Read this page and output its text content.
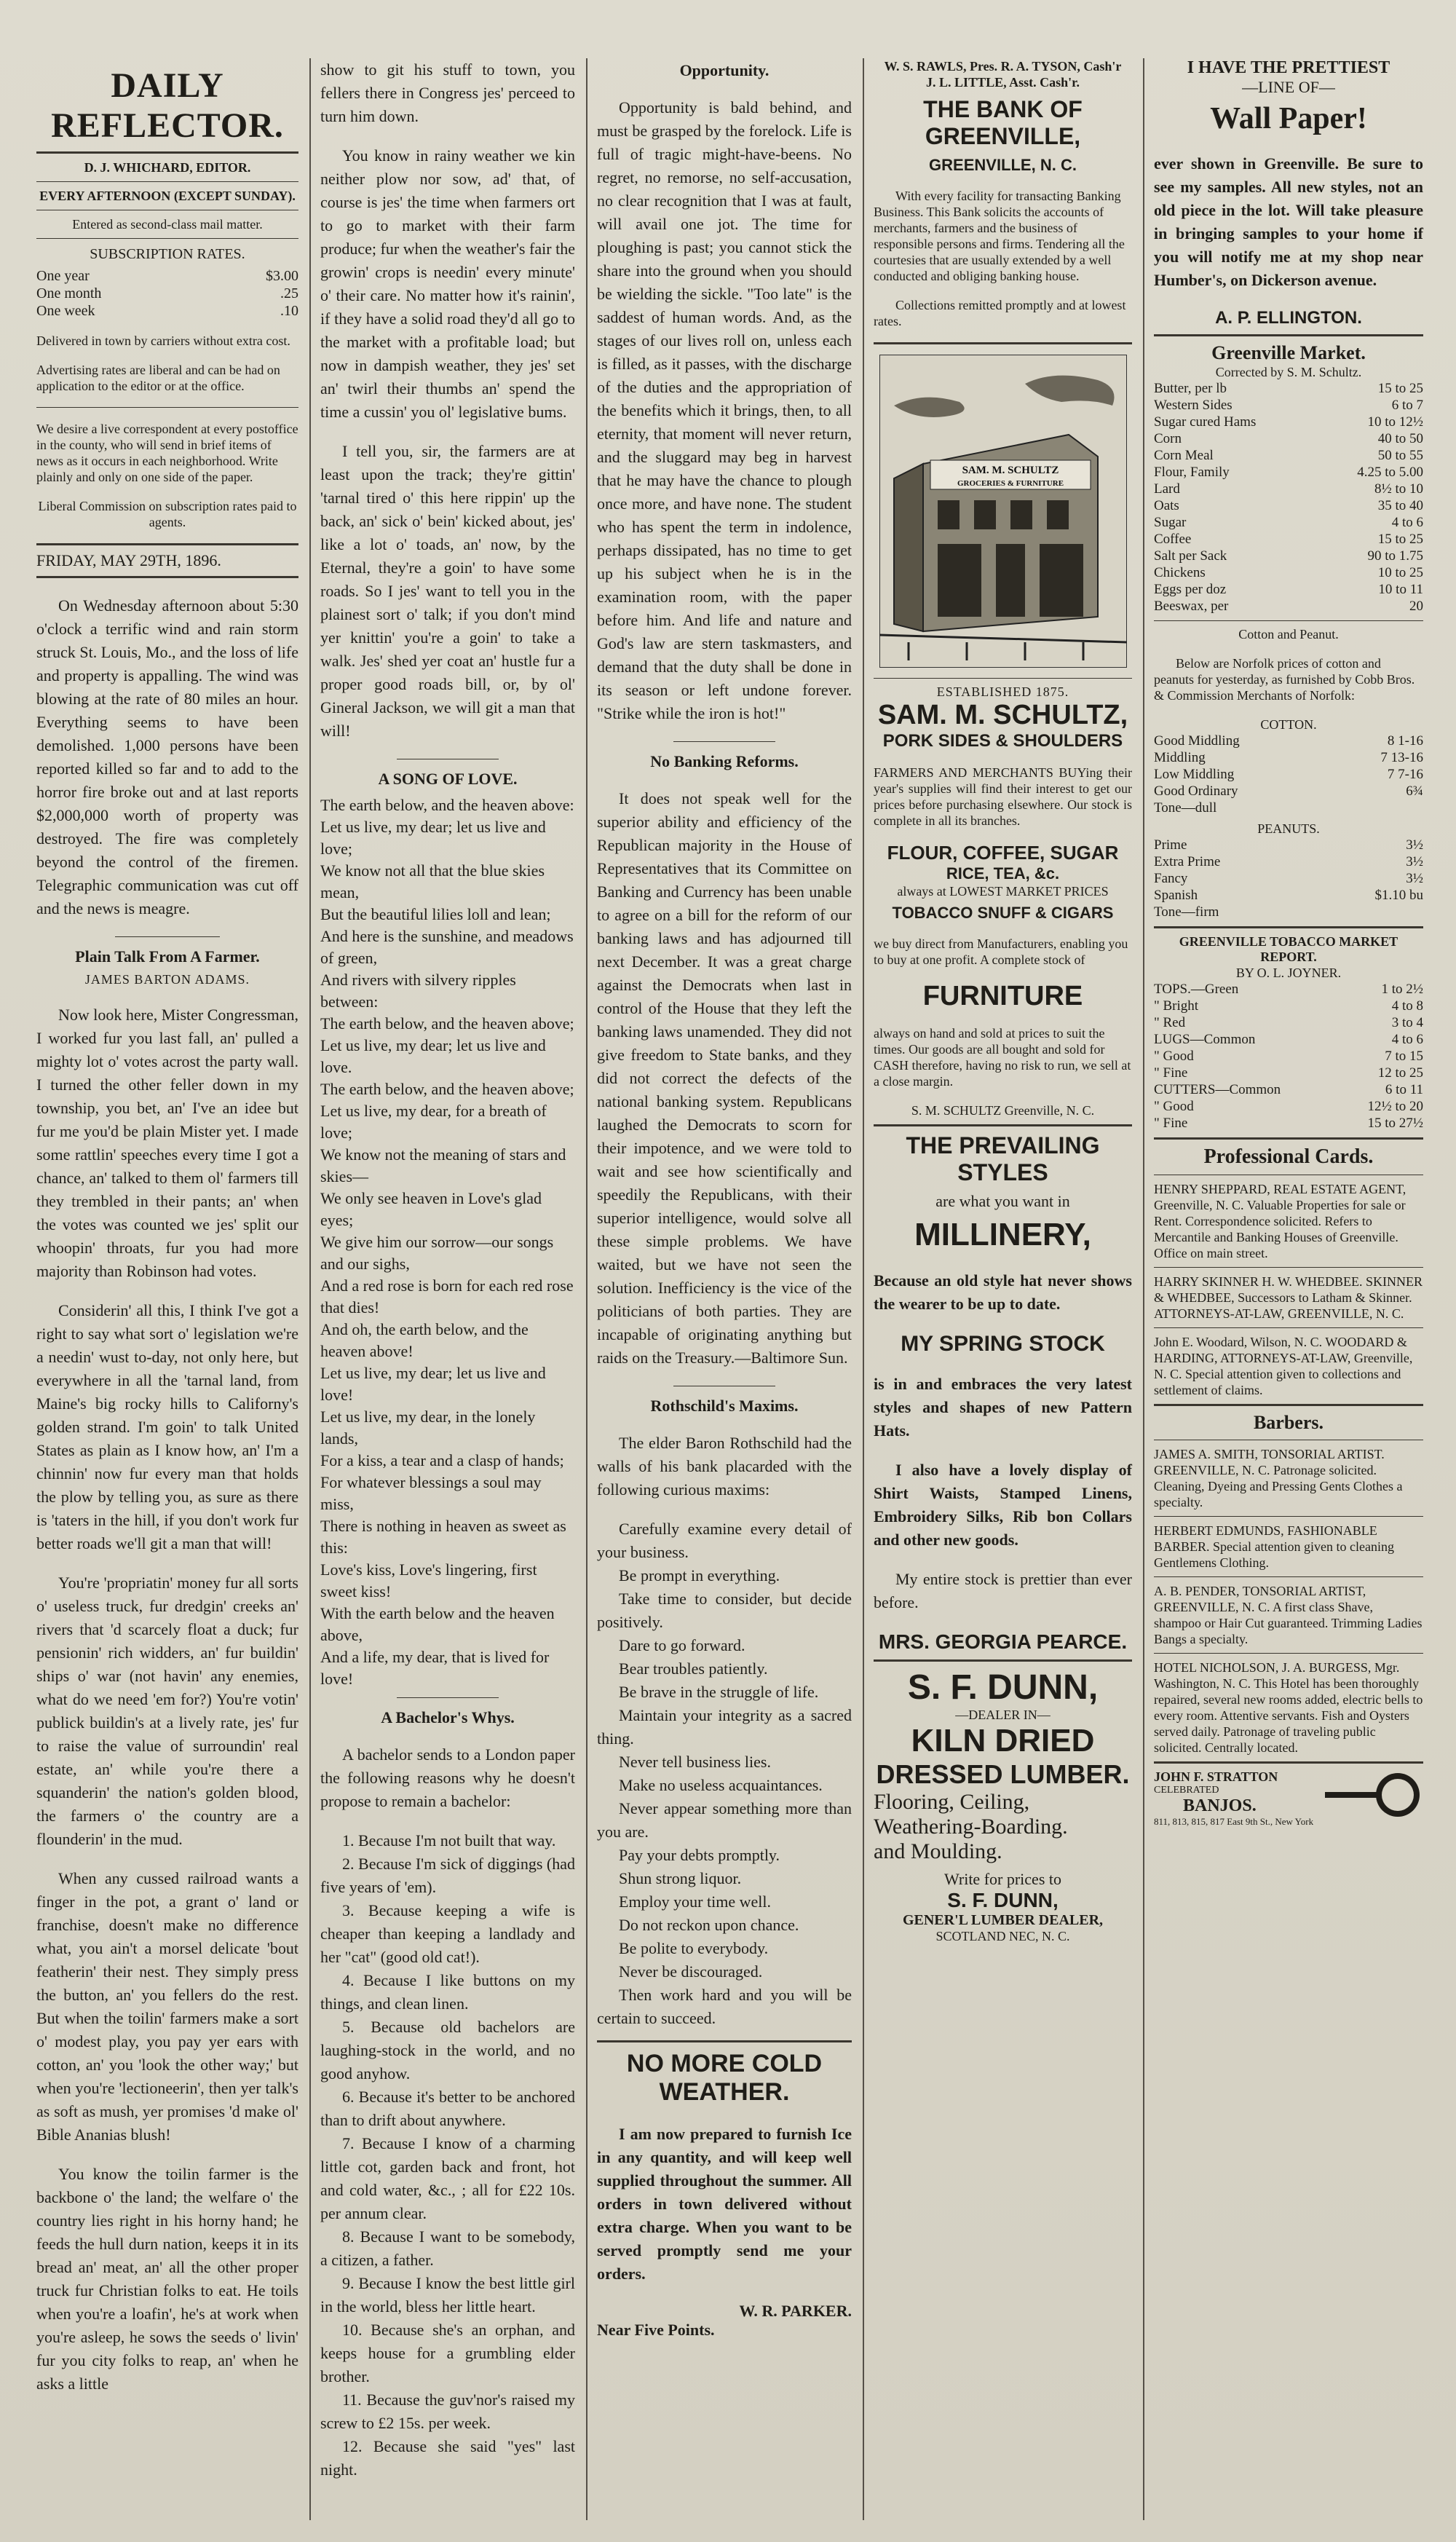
DAILY REFLECTOR.
D. J. WHICHARD, EDITOR.
EVERY AFTERNOON (EXCEPT SUNDAY).
Entered as second-class mail matter.
SUBSCRIPTION RATES.
One year	$3.00
One month	.25
One week	.10

Delivered in town by carriers without extra cost.

Advertising rates are liberal and can be had on application to the editor or at the office.

We desire a live correspondent at every postoffice in the county, who will send in brief items of news as it occurs in each neighborhood. Write plainly and only on one side of the paper.

Liberal Commission on subscription rates paid to agents.

FRIDAY, MAY 29TH, 1896.

On Wednesday afternoon about 5:30 o'clock a terrific wind and rain storm struck St. Louis, Mo., and the loss of life and property is appalling. The wind was blowing at the rate of 80 miles an hour. Everything seems to have been demolished. 1,000 persons have been reported killed so far and to add to the horror fire broke out and at last reports $2,000,000 worth of property was destroyed. The fire was completely beyond the control of the firemen. Telegraphic communication was cut off and the news is meagre.

Plain Talk From A Farmer.
JAMES BARTON ADAMS.

Now look here, Mister Congressman, I worked fur you last fall, an' pulled a mighty lot o' votes acrost the party wall. I turned the other feller down in my township, you bet, an' I've an idee but fur me you'd be plain Mister yet. I made some rattlin' speeches every time I got a chance, an' talked to them ol' farmers till they trembled in their pants; an' when the votes was counted we jes' split our whoopin' throats, fur you had more majority than Robinson had votes.

Considerin' all this, I think I've got a right to say what sort o' legislation we're a needin' wust to-day, not only here, but everywhere in all the 'tarnal land, from Maine's big rocky hills to Californy's golden strand. I'm goin' to talk United States as plain as I know how, an' I'm a chinnin' now fur every man that holds the plow by telling you, as sure as there is 'taters in the hill, if you don't work fur better roads we'll git a man that will!

You're 'propriatin' money fur all sorts o' useless truck, fur dredgin' creeks an' rivers that 'd scarcely float a duck; fur pensionin' rich widders, an' fur buildin' ships o' war (not havin' any enemies, what do we need 'em for?) You're votin' publick buildin's at a lively rate, jes' fur to raise the value of surroundin' real estate, an' while you're there a squanderin' the nation's golden blood, the farmers o' the country are a flounderin' in the mud.

When any cussed railroad wants a finger in the pot, a grant o' land or franchise, doesn't make no difference what, you ain't a morsel delicate 'bout featherin' their nest. They simply press the button, an' you fellers do the rest. But when the toilin' farmers make a sort o' modest play, you pay yer ears with cotton, an' you 'look the other way;' but when you're 'lectioneerin', then yer talk's as soft as mush, yer promises 'd make ol' Bible Ananias blush!

You know the toilin farmer is the backbone o' the land; the welfare o' the country lies right in his horny hand; he feeds the hull durn nation, keeps it in its bread an' meat, an' all the other proper truck fur Christian folks to eat. He toils when you're a loafin', he's at work when you're asleep, he sows the seeds o' livin' fur you city folks to reap, an' when he asks a little

show to git his stuff to town, you fellers there in Congress jes' perceed to turn him down.

You know in rainy weather we kin neither plow nor sow, ad' that, of course is jes' the time when farmers ort to go to market with their farm produce; fur when the weather's fair the growin' crops is needin' every minute' o' their care. No matter how it's rainin', if they have a solid road they'd all go to the market with a profitable load; but now in dampish weather, they jes' set an' twirl their thumbs an' spend the time a cussin' you ol' legislative bums.

I tell you, sir, the farmers are at least upon the track; they're gittin' 'tarnal tired o' this here rippin' up the back, an' sick o' bein' kicked about, jes' like a lot o' toads, an' now, by the Eternal, they're a goin' to have some roads. So I jes' want to tell you in the plainest sort o' talk; if you don't mind yer knittin' you're a goin' to take a walk. Jes' shed yer coat an' hustle fur a proper good roads bill, or, by ol' Gineral Jackson, we will git a man that will!

A SONG OF LOVE.

The earth below, and the heaven above:

Let us live, my dear; let us live and love;

We know not all that the blue skies mean,

But the beautiful lilies loll and lean;

And here is the sunshine, and meadows of green,

And rivers with silvery ripples between:

The earth below, and the heaven above;

Let us live, my dear; let us live and love.

The earth below, and the heaven above;

Let us live, my dear, for a breath of love;

We know not the meaning of stars and skies—

We only see heaven in Love's glad eyes;

We give him our sorrow—our songs and our sighs,

And a red rose is born for each red rose that dies!

And oh, the earth below, and the heaven above!

Let us live, my dear; let us live and love!

Let us live, my dear, in the lonely lands,

For a kiss, a tear and a clasp of hands;

For whatever blessings a soul may miss,

There is nothing in heaven as sweet as this:

Love's kiss, Love's lingering, first sweet kiss!

With the earth below and the heaven above,

And a life, my dear, that is lived for love!

A Bachelor's Whys.

A bachelor sends to a London paper the following reasons why he doesn't propose to remain a bachelor:

1. Because I'm not built that way.
2. Because I'm sick of diggings (had five years of 'em).
3. Because keeping a wife is cheaper than keeping a landlady and her "cat" (good old cat!).
4. Because I like buttons on my things, and clean linen.
5. Because old bachelors are laughing-stock in the world, and no good anyhow.
6. Because it's better to be anchored than to drift about anywhere.
7. Because I know of a charming little cot, garden back and front, hot and cold water, &c., ; all for £22 10s. per annum clear.
8. Because I want to be somebody, a citizen, a father.
9. Because I know the best little girl in the world, bless her little heart.
10. Because she's an orphan, and keeps house for a grumbling elder brother.
11. Because the guv'nor's raised my screw to £2 15s. per week.
12. Because she said "yes" last night.
Opportunity.

Opportunity is bald behind, and must be grasped by the forelock. Life is full of tragic might-have-beens. No regret, no remorse, no self-accusation, no clear recognition that I was at fault, will avail one jot. The time for ploughing is past; you cannot stick the share into the ground when you should be wielding the sickle. "Too late" is the saddest of human words. And, as the stages of our lives roll on, unless each is filled, as it passes, with the discharge of the duties and the appropriation of the benefits which it brings, then, to all eternity, that moment will never return, and the sluggard may beg in harvest that he may have the chance to plough once more, and have none. The student who has spent the term in indolence, perhaps dissipated, has no time to get up his subject when he is in the examination room, with the paper before him. And life and nature and God's law are stern taskmasters, and demand that the duty shall be done in its season or left undone forever. "Strike while the iron is hot!"

No Banking Reforms.

It does not speak well for the superior ability and efficiency of the Republican majority in the House of Representatives that its Committee on Banking and Currency has been unable to agree on a bill for the reform of our banking laws and has adjourned till next December. It was a great charge against the Democrats when last in control of the House that they left the banking laws unamended. They did not give freedom to State banks, and they did not correct the defects of the national banking system. Republicans laughed the Democrats to scorn for their impotence, and we were told to wait and see how scientifically and speedily the Republicans, with their superior intelligence, would solve all these simple problems. We have waited, but we have not seen the solution. Inefficiency is the vice of the politicians of both parties. They are incapable of originating anything but raids on the Treasury.—Baltimore Sun.

Rothschild's Maxims.

The elder Baron Rothschild had the walls of his bank placarded with the following curious maxims:

Carefully examine every detail of your business.
Be prompt in everything.
Take time to consider, but decide positively.
Dare to go forward.
Bear troubles patiently.
Be brave in the struggle of life.
Maintain your integrity as a sacred thing.
Never tell business lies.
Make no useless acquaintances.
Never appear something more than you are.
Pay your debts promptly.
Shun strong liquor.
Employ your time well.
Do not reckon upon chance.
Be polite to everybody.
Never be discouraged.
Then work hard and you will be certain to succeed.
NO MORE COLD WEATHER.

I am now prepared to furnish Ice in any quantity, and will keep well supplied throughout the summer. All orders in town delivered without extra charge. When you want to be served promptly send me your orders.

W. R. PARKER.
Near Five Points.
W. S. RAWLS, Pres. R. A. TYSON, Cash'r
J. L. LITTLE, Asst. Cash'r.
THE BANK OF GREENVILLE,
GREENVILLE, N. C.

With every facility for transacting Banking Business. This Bank solicits the accounts of merchants, farmers and the business of responsible persons and firms. Tendering all the courtesies that are usually extended by a well conducted and obliging banking house.

Collections remitted promptly and at lowest rates.

SAM. M. SCHULTZ
GROCERIES & FURNITURE
ESTABLISHED 1875.
SAM. M. SCHULTZ,
PORK SIDES & SHOULDERS

FARMERS AND MERCHANTS BUYing their year's supplies will find their interest to get our prices before purchasing elsewhere. Our stock is complete in all its branches.

FLOUR, COFFEE, SUGAR
RICE, TEA, &c.
always at LOWEST MARKET PRICES
TOBACCO SNUFF & CIGARS

we buy direct from Manufacturers, enabling you to buy at one profit. A complete stock of

FURNITURE

always on hand and sold at prices to suit the times. Our goods are all bought and sold for CASH therefore, having no risk to run, we sell at a close margin.

S. M. SCHULTZ Greenville, N. C.
THE PREVAILING STYLES
are what you want in
MILLINERY,

Because an old style hat never shows the wearer to be up to date.

MY SPRING STOCK

is in and embraces the very latest styles and shapes of new Pattern Hats.

I also have a lovely display of Shirt Waists, Stamped Linens, Embroidery Silks, Rib bon Collars and other new goods.

My entire stock is prettier than ever before.

MRS. GEORGIA PEARCE.
S. F. DUNN,
—DEALER IN—
KILN DRIED
DRESSED LUMBER.
Flooring, Ceiling,
Weathering-Boarding.
and Moulding.
Write for prices to
S. F. DUNN,
GENER'L LUMBER DEALER,
SCOTLAND NEC, N. C.
I HAVE THE PRETTIEST
—LINE OF—
Wall Paper!

ever shown in Greenville. Be sure to see my samples. All new styles, not an old piece in the lot. Will take pleasure in bringing samples to your home if you will notify me at my shop near Humber's, on Dickerson avenue.

A. P. ELLINGTON.
Greenville Market.
Corrected by S. M. Schultz.
Butter, per lb	15 to 25
Western Sides	6 to 7
Sugar cured Hams	10 to 12½
Corn	40 to 50
Corn Meal	50 to 55
Flour, Family	4.25 to 5.00
Lard	8½ to 10
Oats	35 to 40
Sugar	4 to 6
Coffee	15 to 25
Salt per Sack	90 to 1.75
Chickens	10 to 25
Eggs per doz	10 to 11
Beeswax, per	20
Cotton and Peanut.

Below are Norfolk prices of cotton and peanuts for yesterday, as furnished by Cobb Bros. & Commission Merchants of Norfolk:

COTTON.
Good Middling	8 1-16
Middling	7 13-16
Low Middling	7 7-16
Good Ordinary	6¾
Tone—dull
PEANUTS.
Prime	3½
Extra Prime	3½
Fancy	3½
Spanish	$1.10 bu
Tone—firm
GREENVILLE TOBACCO MARKET REPORT.
BY O. L. JOYNER.
TOPS.—Green	1 to 2½
" Bright	4 to 8
" Red	3 to 4
LUGS—Common	4 to 6
" Good	7 to 15
" Fine	12 to 25
CUTTERS—Common	6 to 11
" Good	12½ to 20
" Fine	15 to 27½
Professional Cards.
HENRY SHEPPARD, REAL ESTATE AGENT, Greenville, N. C. Valuable Properties for sale or Rent. Correspondence solicited. Refers to Mercantile and Banking Houses of Greenville. Office on main street.
HARRY SKINNER H. W. WHEDBEE. SKINNER & WHEDBEE, Successors to Latham & Skinner. ATTORNEYS-AT-LAW, GREENVILLE, N. C.
John E. Woodard, Wilson, N. C. WOODARD & HARDING, ATTORNEYS-AT-LAW, Greenville, N. C. Special attention given to collections and settlement of claims.
Barbers.
JAMES A. SMITH, TONSORIAL ARTIST. GREENVILLE, N. C. Patronage solicited. Cleaning, Dyeing and Pressing Gents Clothes a specialty.
HERBERT EDMUNDS, FASHIONABLE BARBER. Special attention given to cleaning Gentlemens Clothing.
A. B. PENDER, TONSORIAL ARTIST, GREENVILLE, N. C. A first class Shave, shampoo or Hair Cut guaranteed. Trimming Ladies Bangs a specialty.
HOTEL NICHOLSON, J. A. BURGESS, Mgr. Washington, N. C. This Hotel has been thoroughly repaired, several new rooms added, electric bells to every room. Attentive servants. Fish and Oysters served daily. Patronage of traveling public solicited. Centrally located.
JOHN F. STRATTON
CELEBRATED
BANJOS.
811, 813, 815, 817 East 9th St., New York
